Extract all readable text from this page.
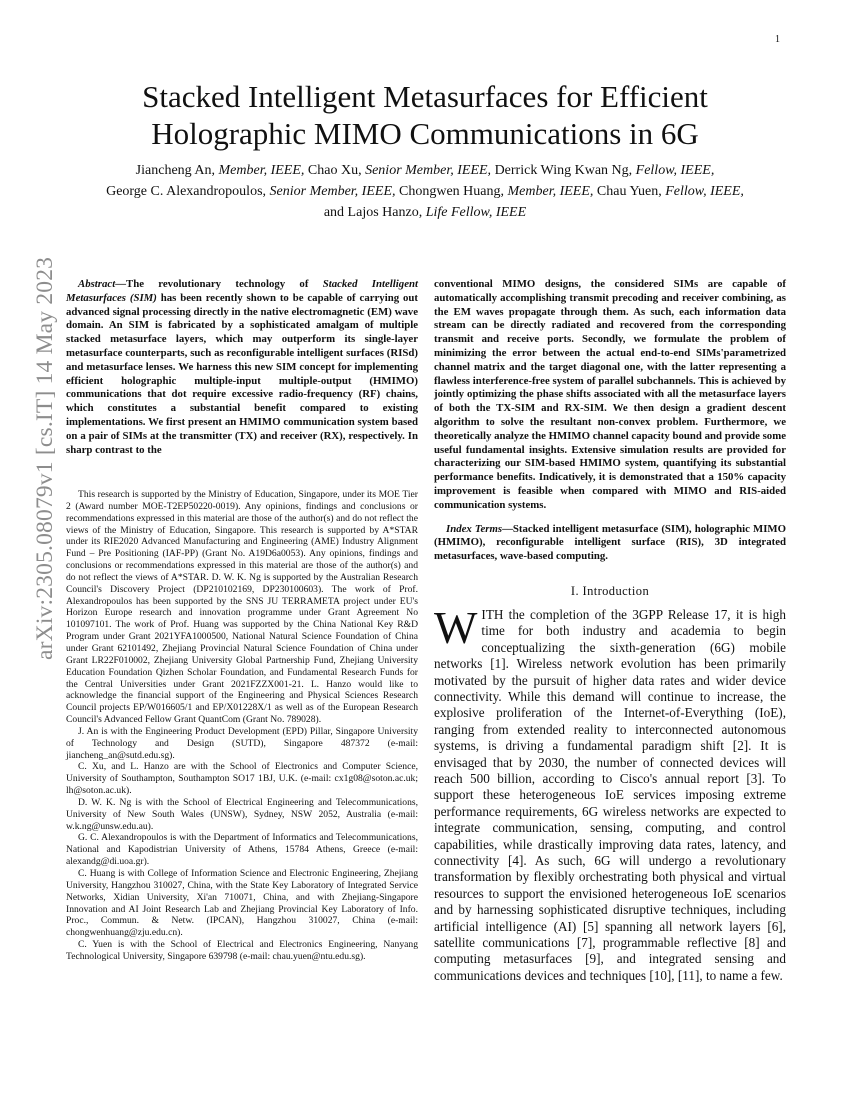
1
arXiv:2305.08079v1 [cs.IT] 14 May 2023
Stacked Intelligent Metasurfaces for Efficient
Holographic MIMO Communications in 6G
Jiancheng An, Member, IEEE, Chao Xu, Senior Member, IEEE, Derrick Wing Kwan Ng, Fellow, IEEE,
George C. Alexandropoulos, Senior Member, IEEE, Chongwen Huang, Member, IEEE, Chau Yuen, Fellow, IEEE,
and Lajos Hanzo, Life Fellow, IEEE

Abstract—The revolutionary technology of Stacked Intelligent Metasurfaces (SIM) has been recently shown to be capable of carrying out advanced signal processing directly in the native electromagnetic (EM) wave domain. An SIM is fabricated by a sophisticated amalgam of multiple stacked metasurface layers, which may outperform its single-layer metasurface counterparts, such as reconfigurable intelligent surfaces (RISd) and metasurface lenses. We harness this new SIM concept for implementing efficient holographic multiple-input multiple-output (HMIMO) communications that dot require excessive radio-frequency (RF) chains, which constitutes a substantial benefit compared to existing implementations. We first present an HMIMO communication system based on a pair of SIMs at the transmitter (TX) and receiver (RX), respectively. In sharp contrast to the

This research is supported by the Ministry of Education, Singapore, under its MOE Tier 2 (Award number MOE-T2EP50220-0019). Any opinions, findings and conclusions or recommendations expressed in this material are those of the author(s) and do not reflect the views of the Ministry of Education, Singapore. This research is supported by A*STAR under its RIE2020 Advanced Manufacturing and Engineering (AME) Industry Alignment Fund – Pre Positioning (IAF-PP) (Grant No. A19D6a0053). Any opinions, findings and conclusions or recommendations expressed in this material are those of the author(s) and do not reflect the views of A*STAR. D. W. K. Ng is supported by the Australian Research Council's Discovery Project (DP210102169, DP230100603). The work of Prof. Alexandropoulos has been supported by the SNS JU TERRAMETA project under EU's Horizon Europe research and innovation programme under Grant Agreement No 101097101. The work of Prof. Huang was supported by the China National Key R&D Program under Grant 2021YFA1000500, National Natural Science Foundation of China under Grant 62101492, Zhejiang Provincial Natural Science Foundation of China under Grant LR22F010002, Zhejiang University Global Partnership Fund, Zhejiang University Education Foundation Qizhen Scholar Foundation, and Fundamental Research Funds for the Central Universities under Grant 2021FZZX001-21. L. Hanzo would like to acknowledge the financial support of the Engineering and Physical Sciences Research Council projects EP/W016605/1 and EP/X01228X/1 as well as of the European Research Council's Advanced Fellow Grant QuantCom (Grant No. 789028).

J. An is with the Engineering Product Development (EPD) Pillar, Singapore University of Technology and Design (SUTD), Singapore 487372 (e-mail: jiancheng_an@sutd.edu.sg).

C. Xu, and L. Hanzo are with the School of Electronics and Computer Science, University of Southampton, Southampton SO17 1BJ, U.K. (e-mail: cx1g08@soton.ac.uk; lh@soton.ac.uk).

D. W. K. Ng is with the School of Electrical Engineering and Telecommunications, University of New South Wales (UNSW), Sydney, NSW 2052, Australia (e-mail: w.k.ng@unsw.edu.au).

G. C. Alexandropoulos is with the Department of Informatics and Telecommunications, National and Kapodistrian University of Athens, 15784 Athens, Greece (e-mail: alexandg@di.uoa.gr).

C. Huang is with College of Information Science and Electronic Engineering, Zhejiang University, Hangzhou 310027, China, with the State Key Laboratory of Integrated Service Networks, Xidian University, Xi'an 710071, China, and with Zhejiang-Singapore Innovation and AI Joint Research Lab and Zhejiang Provincial Key Laboratory of Info. Proc., Commun. & Netw. (IPCAN), Hangzhou 310027, China (e-mail: chongwenhuang@zju.edu.cn).

C. Yuen is with the School of Electrical and Electronics Engineering, Nanyang Technological University, Singapore 639798 (e-mail: chau.yuen@ntu.edu.sg).

conventional MIMO designs, the considered SIMs are capable of automatically accomplishing transmit precoding and receiver combining, as the EM waves propagate through them. As such, each information data stream can be directly radiated and recovered from the corresponding transmit and receive ports. Secondly, we formulate the problem of minimizing the error between the actual end-to-end SIMs'parametrized channel matrix and the target diagonal one, with the latter representing a flawless interference-free system of parallel subchannels. This is achieved by jointly optimizing the phase shifts associated with all the metasurface layers of both the TX-SIM and RX-SIM. We then design a gradient descent algorithm to solve the resultant non-convex problem. Furthermore, we theoretically analyze the HMIMO channel capacity bound and provide some useful fundamental insights. Extensive simulation results are provided for characterizing our SIM-based HMIMO system, quantifying its substantial performance benefits. Indicatively, it is demonstrated that a 150% capacity improvement is feasible when compared with MIMO and RIS-aided communication systems.

Index Terms—Stacked intelligent metasurface (SIM), holographic MIMO (HMIMO), reconfigurable intelligent surface (RIS), 3D integrated metasurfaces, wave-based computing.

I. Introduction

WITH the completion of the 3GPP Release 17, it is high time for both industry and academia to begin conceptualizing the sixth-generation (6G) mobile networks [1]. Wireless network evolution has been primarily motivated by the pursuit of higher data rates and wider device connectivity. While this demand will continue to increase, the explosive proliferation of the Internet-of-Everything (IoE), ranging from extended reality to interconnected autonomous systems, is driving a fundamental paradigm shift [2]. It is envisaged that by 2030, the number of connected devices will reach 500 billion, according to Cisco's annual report [3]. To support these heterogeneous IoE services imposing extreme performance requirements, 6G wireless networks are expected to integrate communication, sensing, computing, and control capabilities, while drastically improving data rates, latency, and connectivity [4]. As such, 6G will undergo a revolutionary transformation by flexibly orchestrating both physical and virtual resources to support the envisioned heterogeneous IoE scenarios and by harnessing sophisticated disruptive techniques, including artificial intelligence (AI) [5] spanning all network layers [6], satellite communications [7], programmable reflective [8] and computing metasurfaces [9], and integrated sensing and communications devices and techniques [10], [11], to name a few.
